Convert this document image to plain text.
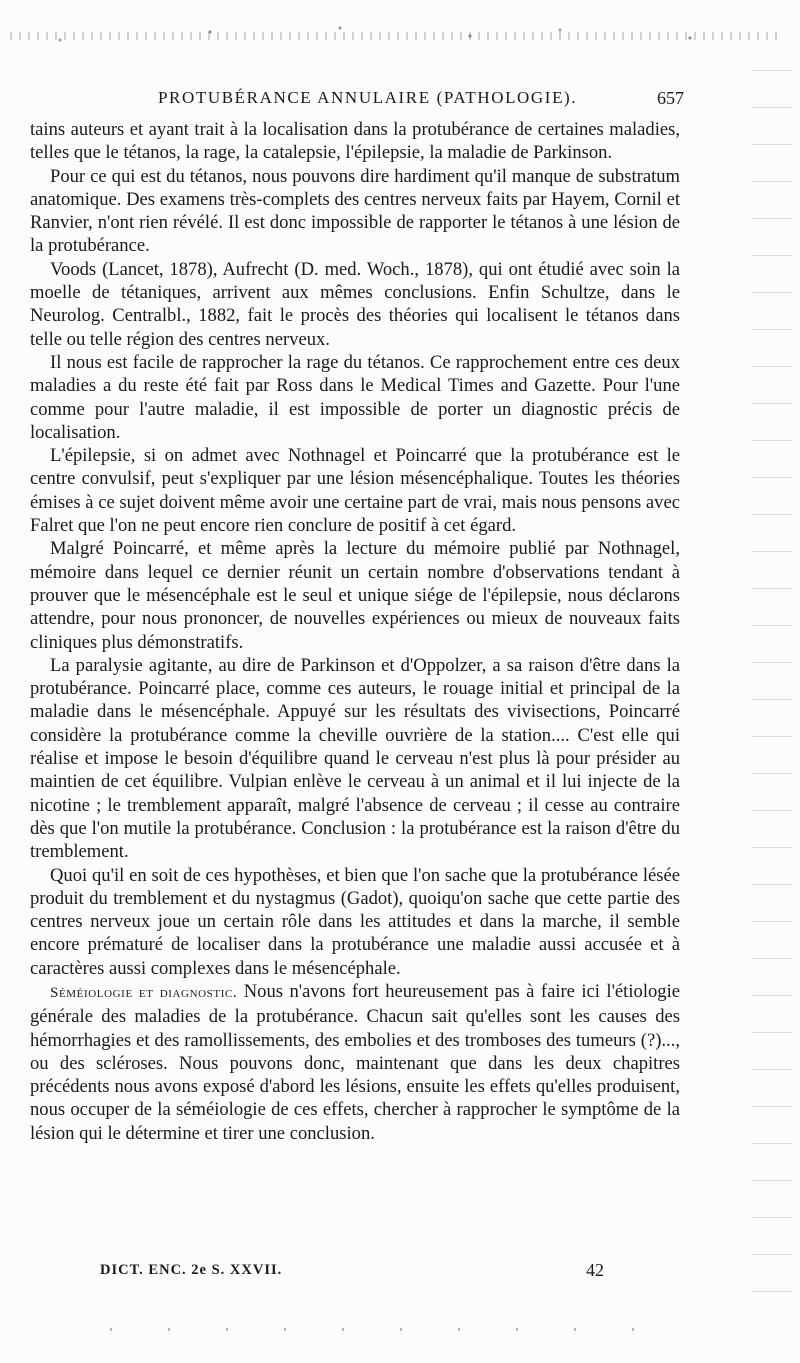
PROTUBÉRANCE ANNULAIRE (PATHOLOGIE).	657

tains auteurs et ayant trait à la localisation dans la protubérance de certaines maladies, telles que le tétanos, la rage, la catalepsie, l'épilepsie, la maladie de Parkinson.

Pour ce qui est du tétanos, nous pouvons dire hardiment qu'il manque de substratum anatomique. Des examens très-complets des centres nerveux faits par Hayem, Cornil et Ranvier, n'ont rien révélé. Il est donc impossible de rapporter le tétanos à une lésion de la protubérance.

Voods (Lancet, 1878), Aufrecht (D. med. Woch., 1878), qui ont étudié avec soin la moelle de tétaniques, arrivent aux mêmes conclusions. Enfin Schultze, dans le Neurolog. Centralbl., 1882, fait le procès des théories qui localisent le tétanos dans telle ou telle région des centres nerveux.

Il nous est facile de rapprocher la rage du tétanos. Ce rapprochement entre ces deux maladies a du reste été fait par Ross dans le Medical Times and Gazette. Pour l'une comme pour l'autre maladie, il est impossible de porter un diagnostic précis de localisation.

L'épilepsie, si on admet avec Nothnagel et Poincarré que la protubérance est le centre convulsif, peut s'expliquer par une lésion mésencéphalique. Toutes les théories émises à ce sujet doivent même avoir une certaine part de vrai, mais nous pensons avec Falret que l'on ne peut encore rien conclure de positif à cet égard.

Malgré Poincarré, et même après la lecture du mémoire publié par Nothnagel, mémoire dans lequel ce dernier réunit un certain nombre d'observations tendant à prouver que le mésencéphale est le seul et unique siége de l'épilepsie, nous déclarons attendre, pour nous prononcer, de nouvelles expériences ou mieux de nouveaux faits cliniques plus démonstratifs.

La paralysie agitante, au dire de Parkinson et d'Oppolzer, a sa raison d'être dans la protubérance. Poincarré place, comme ces auteurs, le rouage initial et principal de la maladie dans le mésencéphale. Appuyé sur les résultats des vivisections, Poincarré considère la protubérance comme la cheville ouvrière de la station.... C'est elle qui réalise et impose le besoin d'équilibre quand le cerveau n'est plus là pour présider au maintien de cet équilibre. Vulpian enlève le cerveau à un animal et il lui injecte de la nicotine ; le tremblement apparaît, malgré l'absence de cerveau ; il cesse au contraire dès que l'on mutile la protubérance. Conclusion : la protubérance est la raison d'être du tremblement.

Quoi qu'il en soit de ces hypothèses, et bien que l'on sache que la protubérance lésée produit du tremblement et du nystagmus (Gadot), quoiqu'on sache que cette partie des centres nerveux joue un certain rôle dans les attitudes et dans la marche, il semble encore prématuré de localiser dans la protubérance une maladie aussi accusée et à caractères aussi complexes dans le mésencéphale.

Séméiologie et diagnostic. Nous n'avons fort heureusement pas à faire ici l'étiologie générale des maladies de la protubérance. Chacun sait qu'elles sont les causes des hémorrhagies et des ramollissements, des embolies et des tromboses des tumeurs (?)..., ou des scléroses. Nous pouvons donc, maintenant que dans les deux chapitres précédents nous avons exposé d'abord les lésions, ensuite les effets qu'elles produisent, nous occuper de la séméiologie de ces effets, chercher à rapprocher le symptôme de la lésion qui le détermine et tirer une conclusion.

DICT. ENC. 2e S. XXVII.	42
